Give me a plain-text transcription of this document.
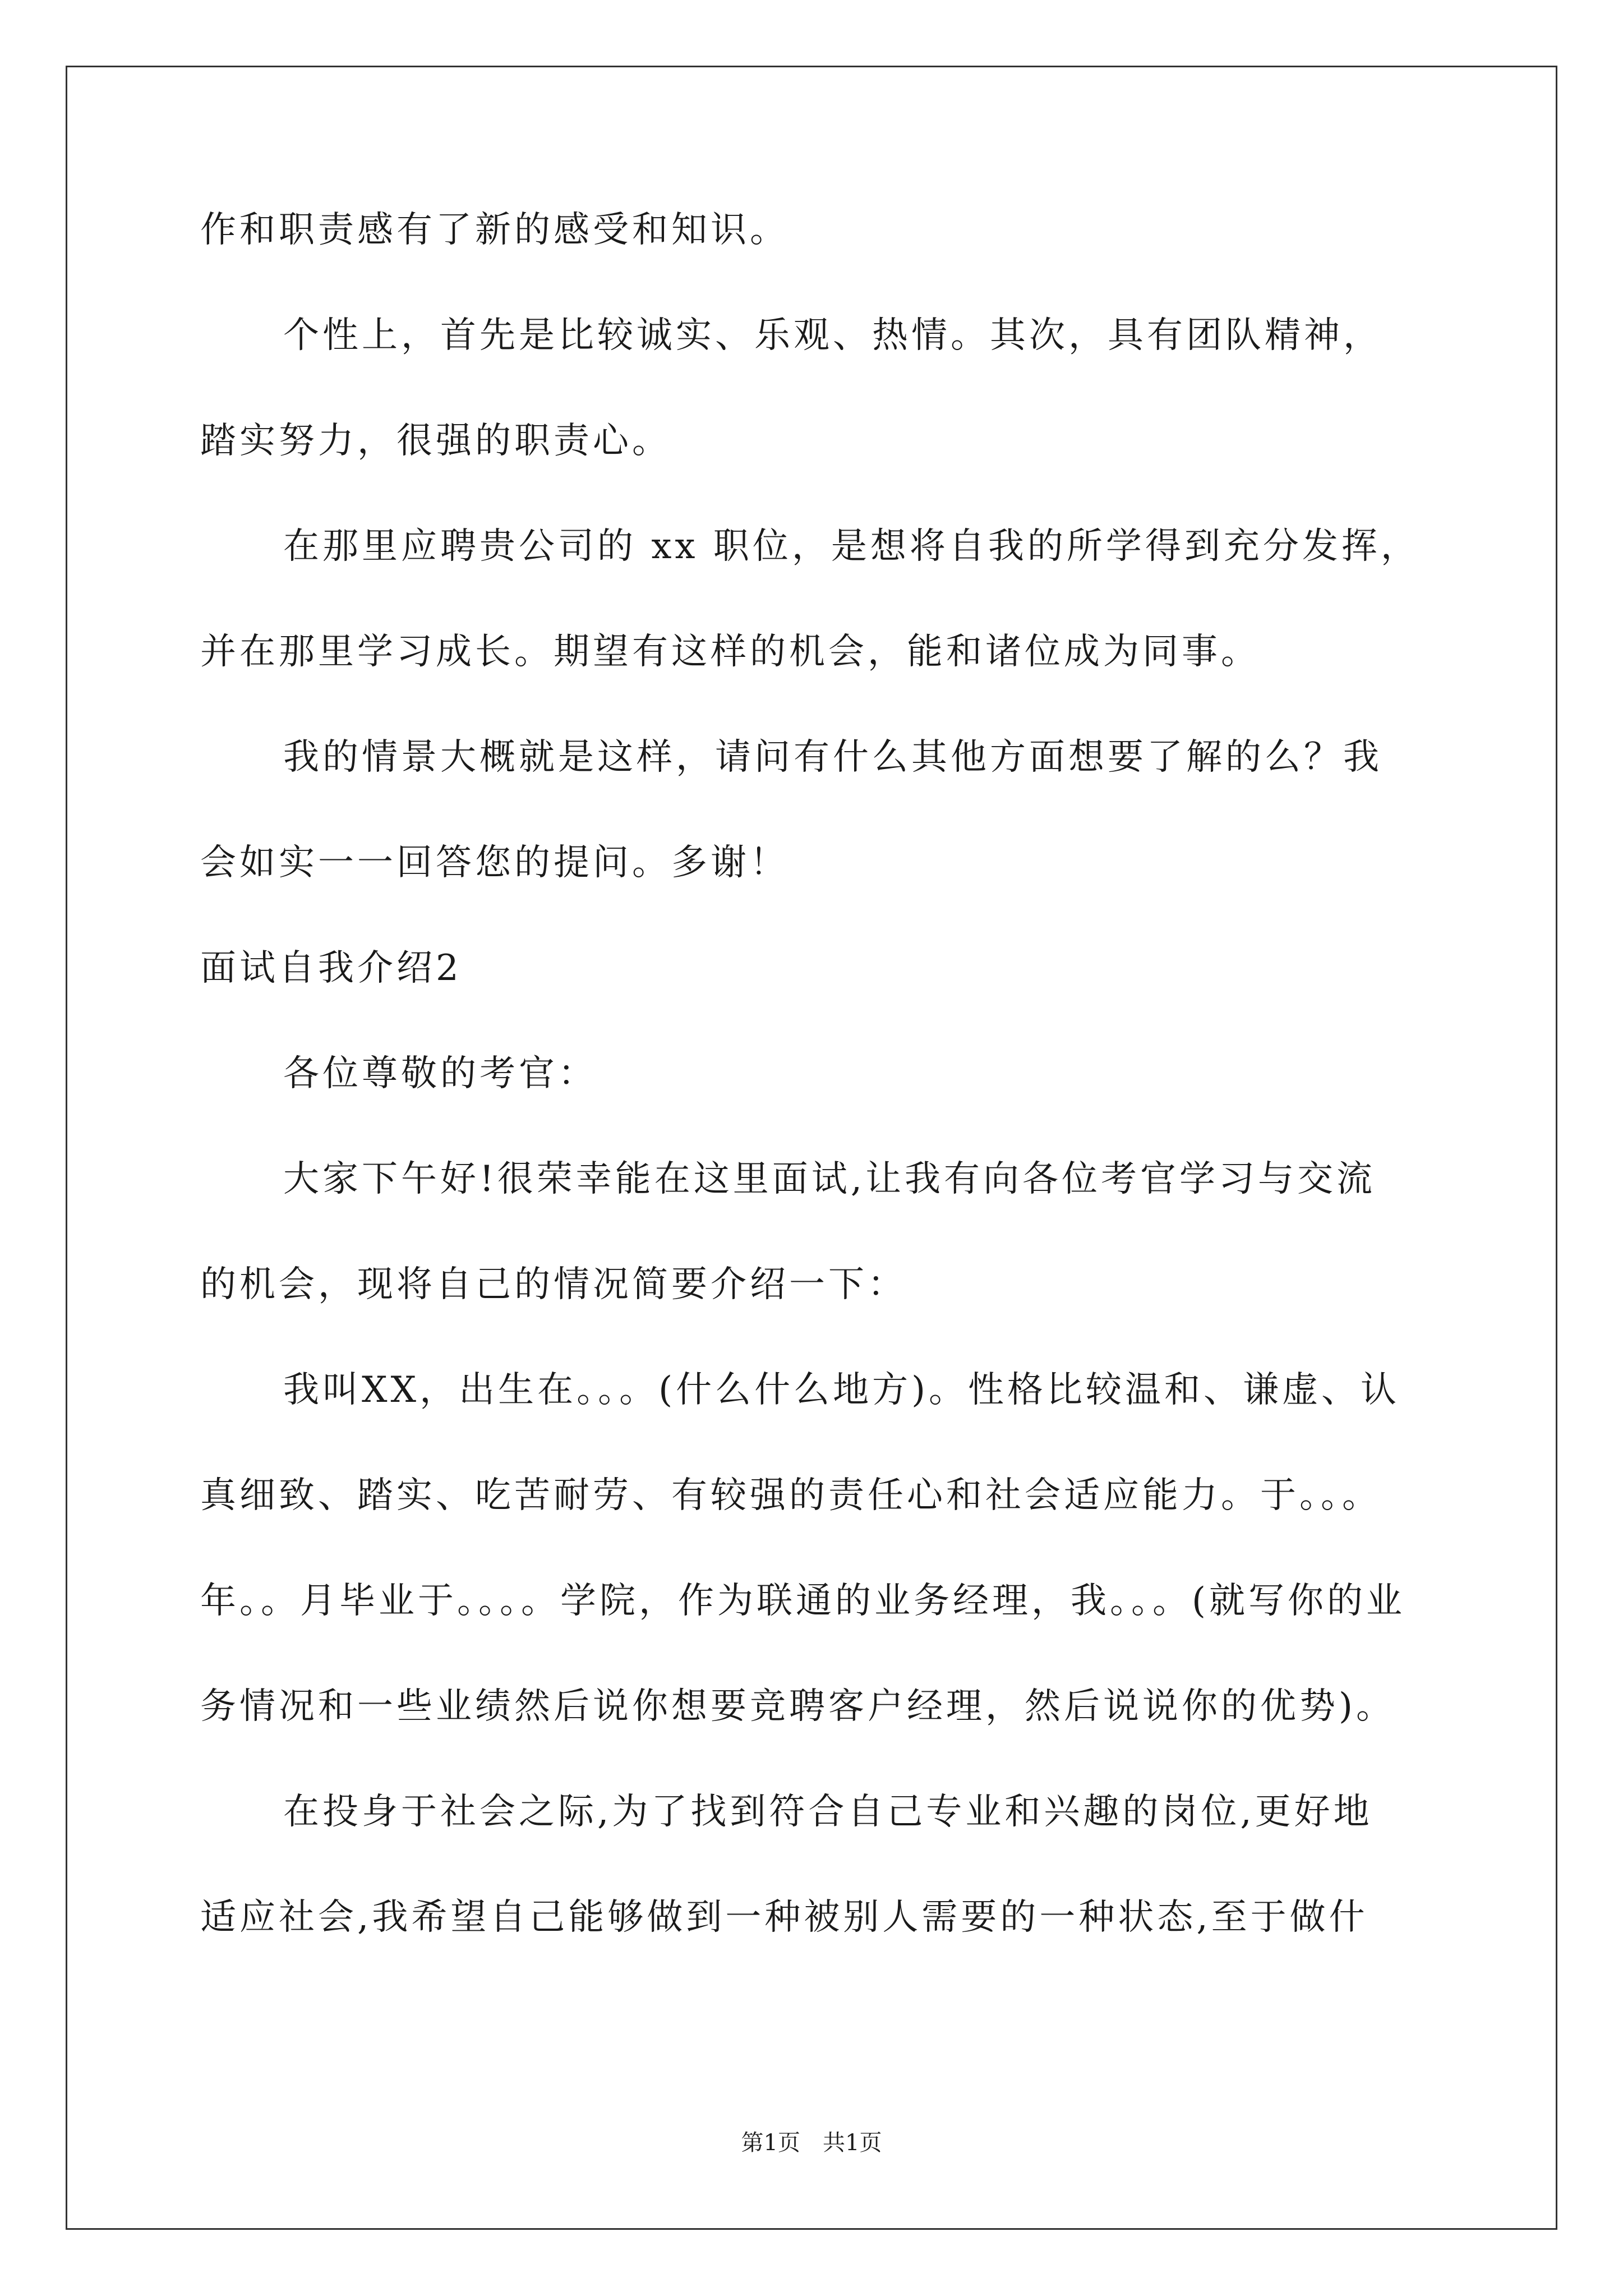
作和职责感有了新的感受和知识。
个性上，首先是比较诚实、乐观、热情。其次，具有团队精神，
踏实努力，很强的职责心。
在那里应聘贵公司的 xx 职位，是想将自我的所学得到充分发挥，
并在那里学习成长。期望有这样的机会，能和诸位成为同事。
我的情景大概就是这样，请问有什么其他方面想要了解的么？我
会如实一一回答您的提问。多谢！
面试自我介绍2
各位尊敬的考官：
大家下午好!很荣幸能在这里面试,让我有向各位考官学习与交流
的机会，现将自己的情况简要介绍一下：
我叫XX，出生在。。。(什么什么地方)。性格比较温和、谦虚、认
真细致、踏实、吃苦耐劳、有较强的责任心和社会适应能力。于。。。
年。。月毕业于。。。。学院，作为联通的业务经理，我。。。(就写你的业
务情况和一些业绩然后说你想要竞聘客户经理，然后说说你的优势)。
在投身于社会之际,为了找到符合自己专业和兴趣的岗位,更好地
适应社会,我希望自己能够做到一种被别人需要的一种状态,至于做什
第1页 共1页
